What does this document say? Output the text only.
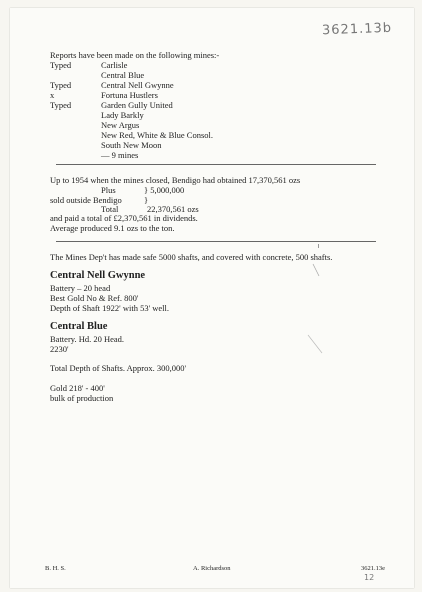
3621.13b
Reports have been made on the following mines:-
Typed	Carlisle
Central Blue
Typed	Central Nell Gwynne
x	Fortuna Hustlers
Typed	Garden Gully United
Lady Barkly
New Argus
New Red, White & Blue Consol.
South New Moon
— 9 mines
Up to 1954 when the mines closed, Bendigo had obtained 17,370,561 ozs
Plus	} 5,000,000
sold outside Bendigo	}
Total	22,370,561 ozs
and paid a total of £2,370,561 in dividends.
Average produced 9.1 ozs to the ton.
The Mines Dep't has made safe 5000 shafts, and covered with concrete, 500 shafts.
Central Nell Gwynne
Battery – 20 head
Best Gold No & Ref. 800'
Depth of Shaft 1922' with 53' well.
Central Blue
Battery. Hd. 20 Head.
2230'
Total Depth of Shafts. Approx. 300,000'
Gold 218' - 400'
bulk of production
B. H. S.	A. Richardson	3621.13e
12
